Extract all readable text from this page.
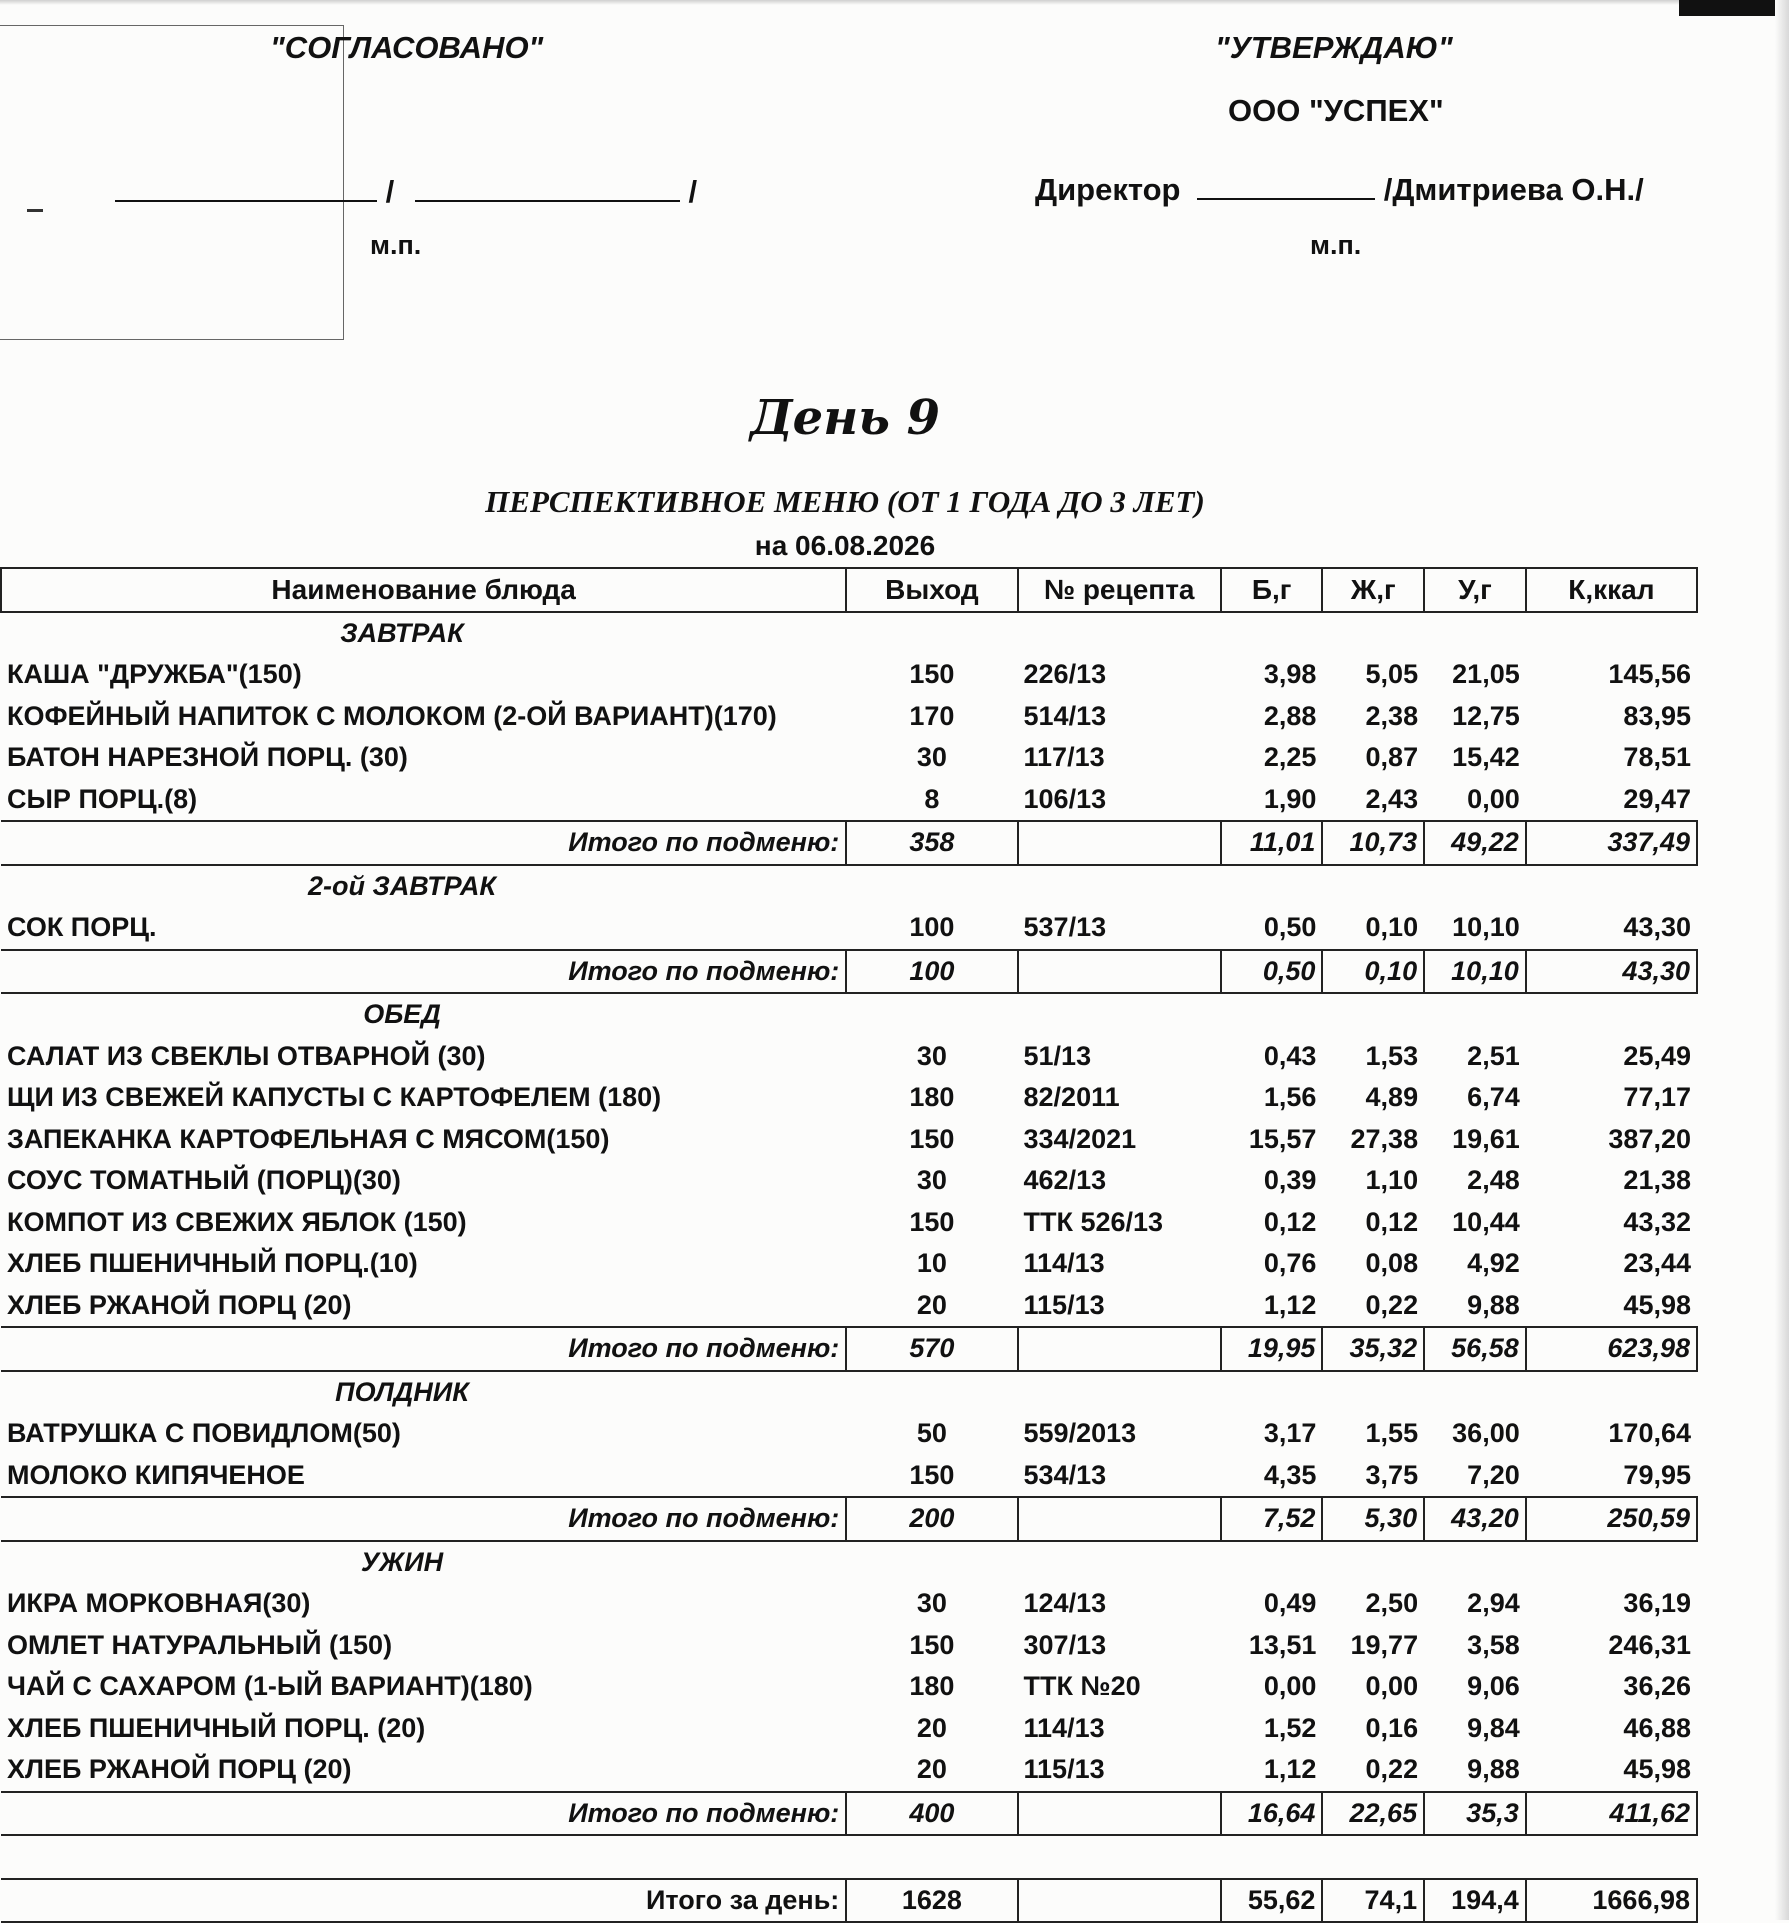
"СОГЛАСОВАНО"
/	/
м.п.
"УТВЕРЖДАЮ"
ООО "УСПЕХ"
Директор	/Дмитриева О.Н./
м.п.
День 9
ПЕРСПЕКТИВНОЕ МЕНЮ (ОТ 1 ГОДА ДО 3 ЛЕТ)
на 06.08.2026
Наименование блюда	Выход	№ рецепта	Б,г	Ж,г	У,г	К,ккал
ЗАВТРАК						
КАША "ДРУЖБА"(150)	150	226/13	3,98	5,05	21,05	145,56
КОФЕЙНЫЙ НАПИТОК С МОЛОКОМ (2-ОЙ ВАРИАНТ)(170)	170	514/13	2,88	2,38	12,75	83,95
БАТОН НАРЕЗНОЙ ПОРЦ. (30)	30	117/13	2,25	0,87	15,42	78,51
СЫР ПОРЦ.(8)	8	106/13	1,90	2,43	0,00	29,47
Итого по подменю:	358		11,01	10,73	49,22	337,49
2-ой ЗАВТРАК						
СОК ПОРЦ.	100	537/13	0,50	0,10	10,10	43,30
Итого по подменю:	100		0,50	0,10	10,10	43,30
ОБЕД						
САЛАТ ИЗ СВЕКЛЫ ОТВАРНОЙ (30)	30	51/13	0,43	1,53	2,51	25,49
ЩИ ИЗ СВЕЖЕЙ КАПУСТЫ С КАРТОФЕЛЕМ (180)	180	82/2011	1,56	4,89	6,74	77,17
ЗАПЕКАНКА КАРТОФЕЛЬНАЯ С МЯСОМ(150)	150	334/2021	15,57	27,38	19,61	387,20
СОУС ТОМАТНЫЙ (ПОРЦ)(30)	30	462/13	0,39	1,10	2,48	21,38
КОМПОТ ИЗ СВЕЖИХ ЯБЛОК (150)	150	ТТК 526/13	0,12	0,12	10,44	43,32
ХЛЕБ ПШЕНИЧНЫЙ ПОРЦ.(10)	10	114/13	0,76	0,08	4,92	23,44
ХЛЕБ РЖАНОЙ ПОРЦ (20)	20	115/13	1,12	0,22	9,88	45,98
Итого по подменю:	570		19,95	35,32	56,58	623,98
ПОЛДНИК						
ВАТРУШКА С ПОВИДЛОМ(50)	50	559/2013	3,17	1,55	36,00	170,64
МОЛОКО КИПЯЧЕНОЕ	150	534/13	4,35	3,75	7,20	79,95
Итого по подменю:	200		7,52	5,30	43,20	250,59
УЖИН						
ИКРА МОРКОВНАЯ(30)	30	124/13	0,49	2,50	2,94	36,19
ОМЛЕТ НАТУРАЛЬНЫЙ (150)	150	307/13	13,51	19,77	3,58	246,31
ЧАЙ С САХАРОМ (1-ЫЙ ВАРИАНТ)(180)	180	ТТК №20	0,00	0,00	9,06	36,26
ХЛЕБ ПШЕНИЧНЫЙ ПОРЦ. (20)	20	114/13	1,52	0,16	9,84	46,88
ХЛЕБ РЖАНОЙ ПОРЦ (20)	20	115/13	1,12	0,22	9,88	45,98
Итого по подменю:	400		16,64	22,65	35,3	411,62

Итого за день:	1628		55,62	74,1	194,4	1666,98
